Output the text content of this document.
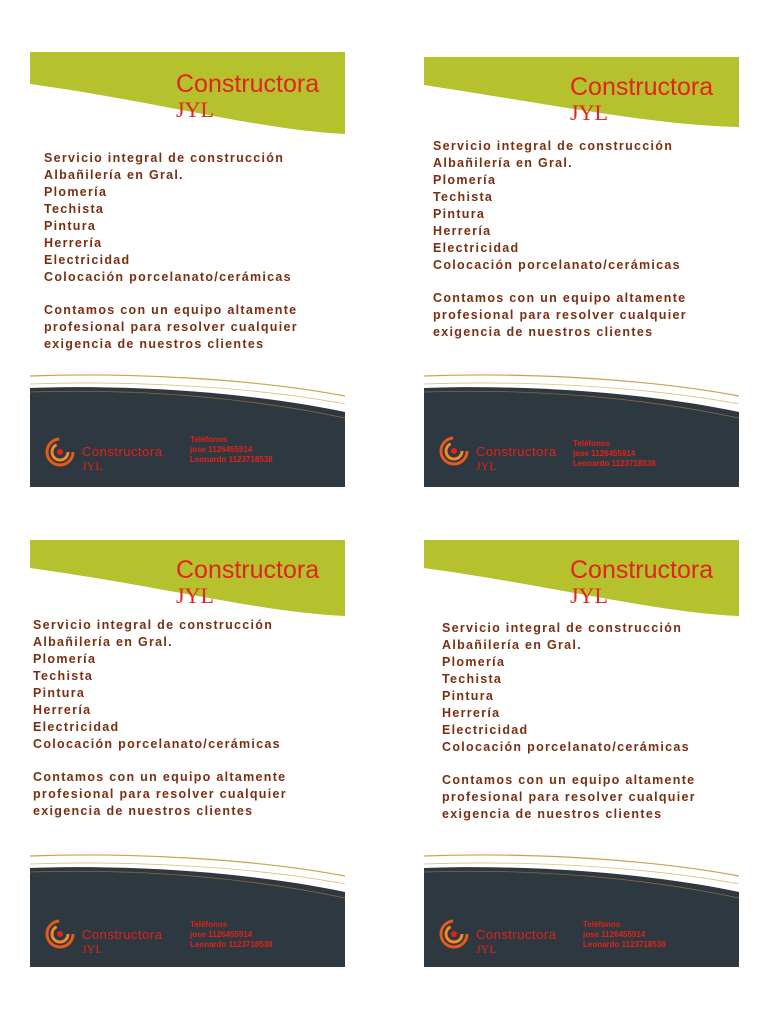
Constructora
JYL
Servicio integral de construcción
Albañilería en Gral.
Plomería
Techista
Pintura
Herrería
Electricidad
Colocación porcelanato/cerámicas

Contamos con un equipo altamente
profesional para resolver cualquier
exigencia de nuestros clientes

Constructora
JYL
Teléfonos
jose 1126455914
Leonardo 1123718538
Constructora
JYL
Servicio integral de construcción
Albañilería en Gral.
Plomería
Techista
Pintura
Herrería
Electricidad
Colocación porcelanato/cerámicas

Contamos con un equipo altamente
profesional para resolver cualquier
exigencia de nuestros clientes

Constructora
JYL
Teléfonos
jose 1126455914
Leonardo 1123718538
Constructora
JYL
Servicio integral de construcción
Albañilería en Gral.
Plomería
Techista
Pintura
Herrería
Electricidad
Colocación porcelanato/cerámicas

Contamos con un equipo altamente
profesional para resolver cualquier
exigencia de nuestros clientes

Constructora
JYL
Teléfonos
jose 1126455914
Leonardo 1123718538
Constructora
JYL
Servicio integral de construcción
Albañilería en Gral.
Plomería
Techista
Pintura
Herrería
Electricidad
Colocación porcelanato/cerámicas

Contamos con un equipo altamente
profesional para resolver cualquier
exigencia de nuestros clientes

Constructora
JYL
Teléfonos
jose 1126455914
Leonardo 1123718538
